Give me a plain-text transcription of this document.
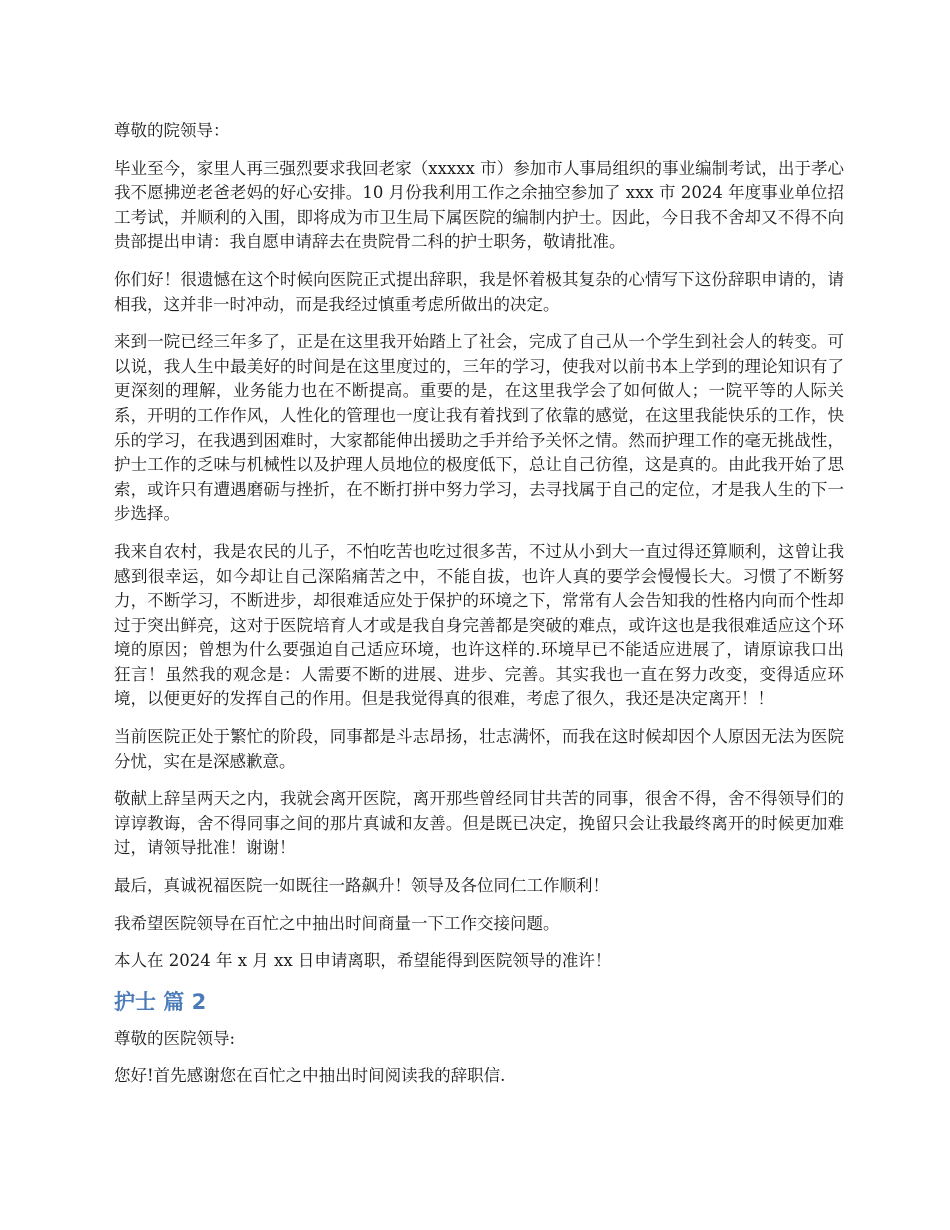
尊敬的院领导：

毕业至今，家里人再三强烈要求我回老家（xxxxx 市）参加市人事局组织的事业编制考试，出于孝心我不愿拂逆老爸老妈的好心安排。10 月份我利用工作之余抽空参加了 xxx 市 2024 年度事业单位招工考试，并顺利的入围，即将成为市卫生局下属医院的编制内护士。因此，今日我不舍却又不得不向贵部提出申请：我自愿申请辞去在贵院骨二科的护士职务，敬请批准。

你们好！很遗憾在这个时候向医院正式提出辞职，我是怀着极其复杂的心情写下这份辞职申请的，请相我，这并非一时冲动，而是我经过慎重考虑所做出的决定。

来到一院已经三年多了，正是在这里我开始踏上了社会，完成了自己从一个学生到社会人的转变。可以说，我人生中最美好的时间是在这里度过的，三年的学习，使我对以前书本上学到的理论知识有了更深刻的理解，业务能力也在不断提高。重要的是，在这里我学会了如何做人；一院平等的人际关系，开明的工作作风，人性化的管理也一度让我有着找到了依靠的感觉，在这里我能快乐的工作，快乐的学习，在我遇到困难时，大家都能伸出援助之手并给予关怀之情。然而护理工作的毫无挑战性，护士工作的乏味与机械性以及护理人员地位的极度低下，总让自己彷徨，这是真的。由此我开始了思索，或许只有遭遇磨砺与挫折，在不断打拼中努力学习，去寻找属于自己的定位，才是我人生的下一步选择。

我来自农村，我是农民的儿子，不怕吃苦也吃过很多苦，不过从小到大一直过得还算顺利，这曾让我感到很幸运，如今却让自己深陷痛苦之中，不能自拔，也许人真的要学会慢慢长大。习惯了不断努力，不断学习，不断进步，却很难适应处于保护的环境之下，常常有人会告知我的性格内向而个性却过于突出鲜亮，这对于医院培育人才或是我自身完善都是突破的难点，或许这也是我很难适应这个环境的原因；曾想为什么要强迫自己适应环境，也许这样的.环境早已不能适应进展了，请原谅我口出狂言！虽然我的观念是：人需要不断的进展、进步、完善。其实我也一直在努力改变，变得适应环境，以便更好的发挥自己的作用。但是我觉得真的很难，考虑了很久，我还是决定离开！！

当前医院正处于繁忙的阶段，同事都是斗志昂扬，壮志满怀，而我在这时候却因个人原因无法为医院分忧，实在是深感歉意。

敬献上辞呈两天之内，我就会离开医院，离开那些曾经同甘共苦的同事，很舍不得，舍不得领导们的谆谆教诲，舍不得同事之间的那片真诚和友善。但是既已决定，挽留只会让我最终离开的时候更加难过，请领导批准！谢谢！

最后，真诚祝福医院一如既往一路飙升！领导及各位同仁工作顺利！

我希望医院领导在百忙之中抽出时间商量一下工作交接问题。

本人在 2024 年 x 月 xx 日申请离职，希望能得到医院领导的准许！

护士 篇 2

尊敬的医院领导:

您好!首先感谢您在百忙之中抽出时间阅读我的辞职信.
